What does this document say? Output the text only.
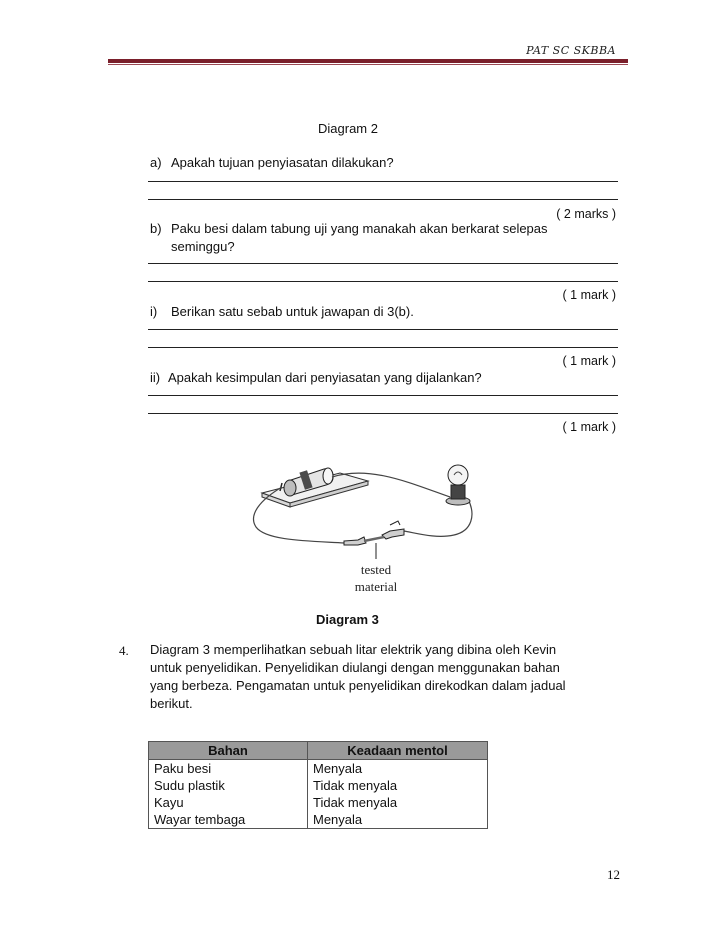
PAT SC SKBBA
Diagram 2
a) Apakah tujuan penyiasatan dilakukan?
( 2 marks )
b) Paku besi dalam tabung uji yang manakah akan berkarat selepas
seminggu?
( 1 mark )
i) Berikan satu sebab untuk jawapan di 3(b).
( 1 mark )
ii) Apakah kesimpulan dari penyiasatan yang dijalankan?
( 1 mark )
tested
material
Diagram 3
4. Diagram 3 memperlihatkan sebuah litar elektrik yang dibina oleh Kevin
untuk penyelidikan. Penyelidikan diulangi dengan menggunakan bahan
yang berbeza. Pengamatan untuk penyelidikan direkodkan dalam jadual
berikut.
Bahan	Keadaan mentol
Paku besi	Menyala
Sudu plastik	Tidak menyala
Kayu	Tidak menyala
Wayar tembaga	Menyala
12
